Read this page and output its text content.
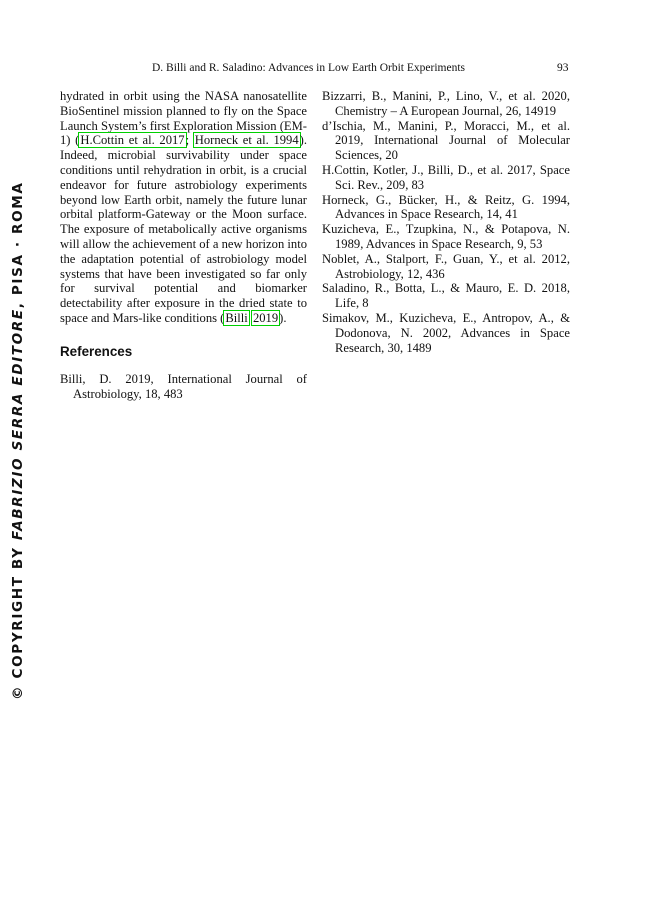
D. Billi and R. Saladino: Advances in Low Earth Orbit Experiments	93
© COPYRIGHT BY FABRIZIO SERRA EDITORE, PISA · ROMA

hydrated in orbit using the NASA nanosatellite BioSentinel mission planned to fly on the Space Launch System’s first Exploration Mission (EM-1) (H.Cottin et al. 2017; Horneck et al. 1994). Indeed, microbial survivability under space conditions until rehydration in orbit, is a crucial endeavor for future astrobiology experiments beyond low Earth orbit, namely the future lunar orbital platform-Gateway or the Moon surface. The exposure of metabolically active organisms will allow the achievement of a new horizon into the adaptation potential of astrobiology model systems that have been investigated so far only for survival potential and biomarker detectability after exposure in the dried state to space and Mars-like conditions (Billi 2019).

References

Billi, D. 2019, International Journal of Astrobiology, 18, 483

Bizzarri, B., Manini, P., Lino, V., et al. 2020, Chemistry – A European Journal, 26, 14919

d’Ischia, M., Manini, P., Moracci, M., et al. 2019, International Journal of Molecular Sciences, 20

H.Cottin, Kotler, J., Billi, D., et al. 2017, Space Sci. Rev., 209, 83

Horneck, G., Bücker, H., & Reitz, G. 1994, Advances in Space Research, 14, 41

Kuzicheva, E., Tzupkina, N., & Potapova, N. 1989, Advances in Space Research, 9, 53

Noblet, A., Stalport, F., Guan, Y., et al. 2012, Astrobiology, 12, 436

Saladino, R., Botta, L., & Mauro, E. D. 2018, Life, 8

Simakov, M., Kuzicheva, E., Antropov, A., & Dodonova, N. 2002, Advances in Space Research, 30, 1489
